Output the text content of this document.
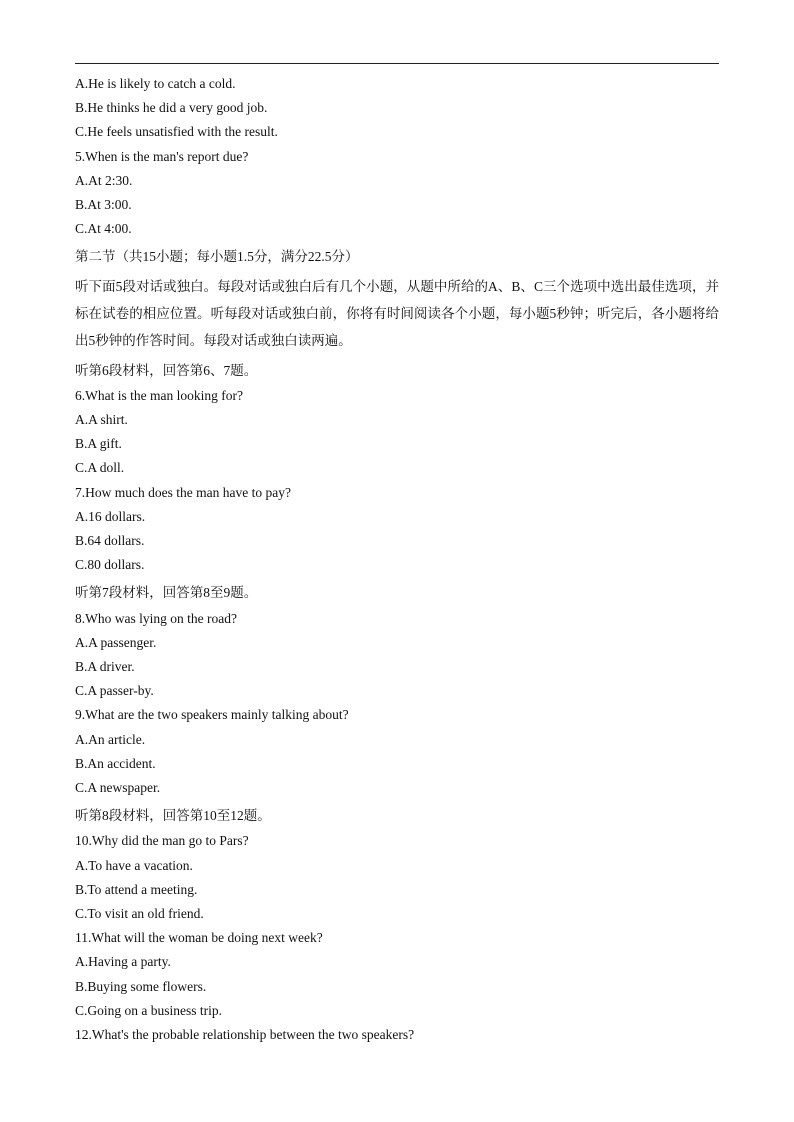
A.He is likely to catch a cold.
B.He thinks he did a very good job.
C.He feels unsatisfied with the result.
5.When is the man's report due?
A.At 2:30.
B.At 3:00.
C.At 4:00.
第二节（共15小题；每小题1.5分，满分22.5分）
听下面5段对话或独白。每段对话或独白后有几个小题，从题中所给的A、B、C三个选项中选出最佳选项，并标在试卷的相应位置。听每段对话或独白前，你将有时间阅读各个小题，每小题5秒钟；听完后，各小题将给出5秒钟的作答时间。每段对话或独白读两遍。
听第6段材料，回答第6、7题。
6.What is the man looking for?
A.A shirt.
B.A gift.
C.A doll.
7.How much does the man have to pay?
A.16 dollars.
B.64 dollars.
C.80 dollars.
听第7段材料，回答第8至9题。
8.Who was lying on the road?
A.A passenger.
B.A driver.
C.A passer-by.
9.What are the two speakers mainly talking about?
A.An article.
B.An accident.
C.A newspaper.
听第8段材料，回答第10至12题。
10.Why did the man go to Pars?
A.To have a vacation.
B.To attend a meeting.
C.To visit an old friend.
11.What will the woman be doing next week?
A.Having a party.
B.Buying some flowers.
C.Going on a business trip.
12.What's the probable relationship between the two speakers?
